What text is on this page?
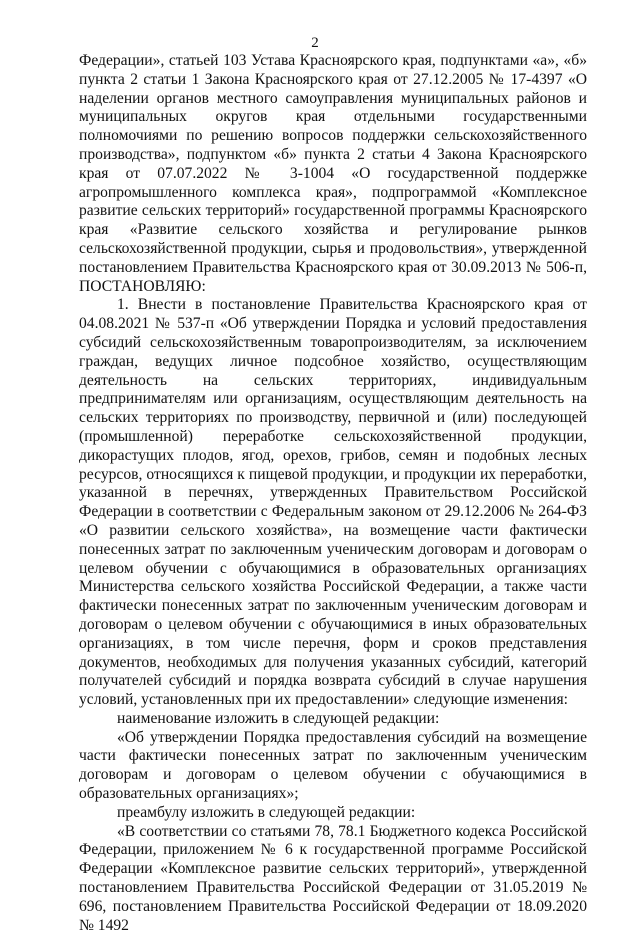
2

Федерации», статьей 103 Устава Красноярского края, подпунктами «а», «б» пункта 2 статьи 1 Закона Красноярского края от 27.12.2005 № 17-4397 «О наделении органов местного самоуправления муниципальных районов и муниципальных округов края отдельными государственными полномочиями по решению вопросов поддержки сельскохозяйственного производства», подпунктом «б» пункта 2 статьи 4 Закона Красноярского края от 07.07.2022 № 3-1004 «О государственной поддержке агропромышленного комплекса края», подпрограммой «Комплексное развитие сельских территорий» государственной программы Красноярского края «Развитие сельского хозяйства и регулирование рынков сельскохозяйственной продукции, сырья и продовольствия», утвержденной постановлением Правительства Красноярского края от 30.09.2013 № 506-п, ПОСТАНОВЛЯЮ:

1. Внести в постановление Правительства Красноярского края от 04.08.2021 № 537-п «Об утверждении Порядка и условий предоставления субсидий сельскохозяйственным товаропроизводителям, за исключением граждан, ведущих личное подсобное хозяйство, осуществляющим деятельность на сельских территориях, индивидуальным предпринимателям или организациям, осуществляющим деятельность на сельских территориях по производству, первичной и (или) последующей (промышленной) переработке сельскохозяйственной продукции, дикорастущих плодов, ягод, орехов, грибов, семян и подобных лесных ресурсов, относящихся к пищевой продукции, и продукции их переработки, указанной в перечнях, утвержденных Правительством Российской Федерации в соответствии с Федеральным законом от 29.12.2006 № 264-ФЗ «О развитии сельского хозяйства», на возмещение части фактически понесенных затрат по заключенным ученическим договорам и договорам о целевом обучении с обучающимися в образовательных организациях Министерства сельского хозяйства Российской Федерации, а также части фактически понесенных затрат по заключенным ученическим договорам и договорам о целевом обучении с обучающимися в иных образовательных организациях, в том числе перечня, форм и сроков представления документов, необходимых для получения указанных субсидий, категорий получателей субсидий и порядка возврата субсидий в случае нарушения условий, установленных при их предоставлении» следующие изменения:

наименование изложить в следующей редакции:

«Об утверждении Порядка предоставления субсидий на возмещение части фактически понесенных затрат по заключенным ученическим договорам и договорам о целевом обучении с обучающимися в образовательных организациях»;

преамбулу изложить в следующей редакции:

«В соответствии со статьями 78, 78.1 Бюджетного кодекса Российской Федерации, приложением № 6 к государственной программе Российской Федерации «Комплексное развитие сельских территорий», утвержденной постановлением Правительства Российской Федерации от 31.05.2019 № 696, постановлением Правительства Российской Федерации от 18.09.2020 № 1492
